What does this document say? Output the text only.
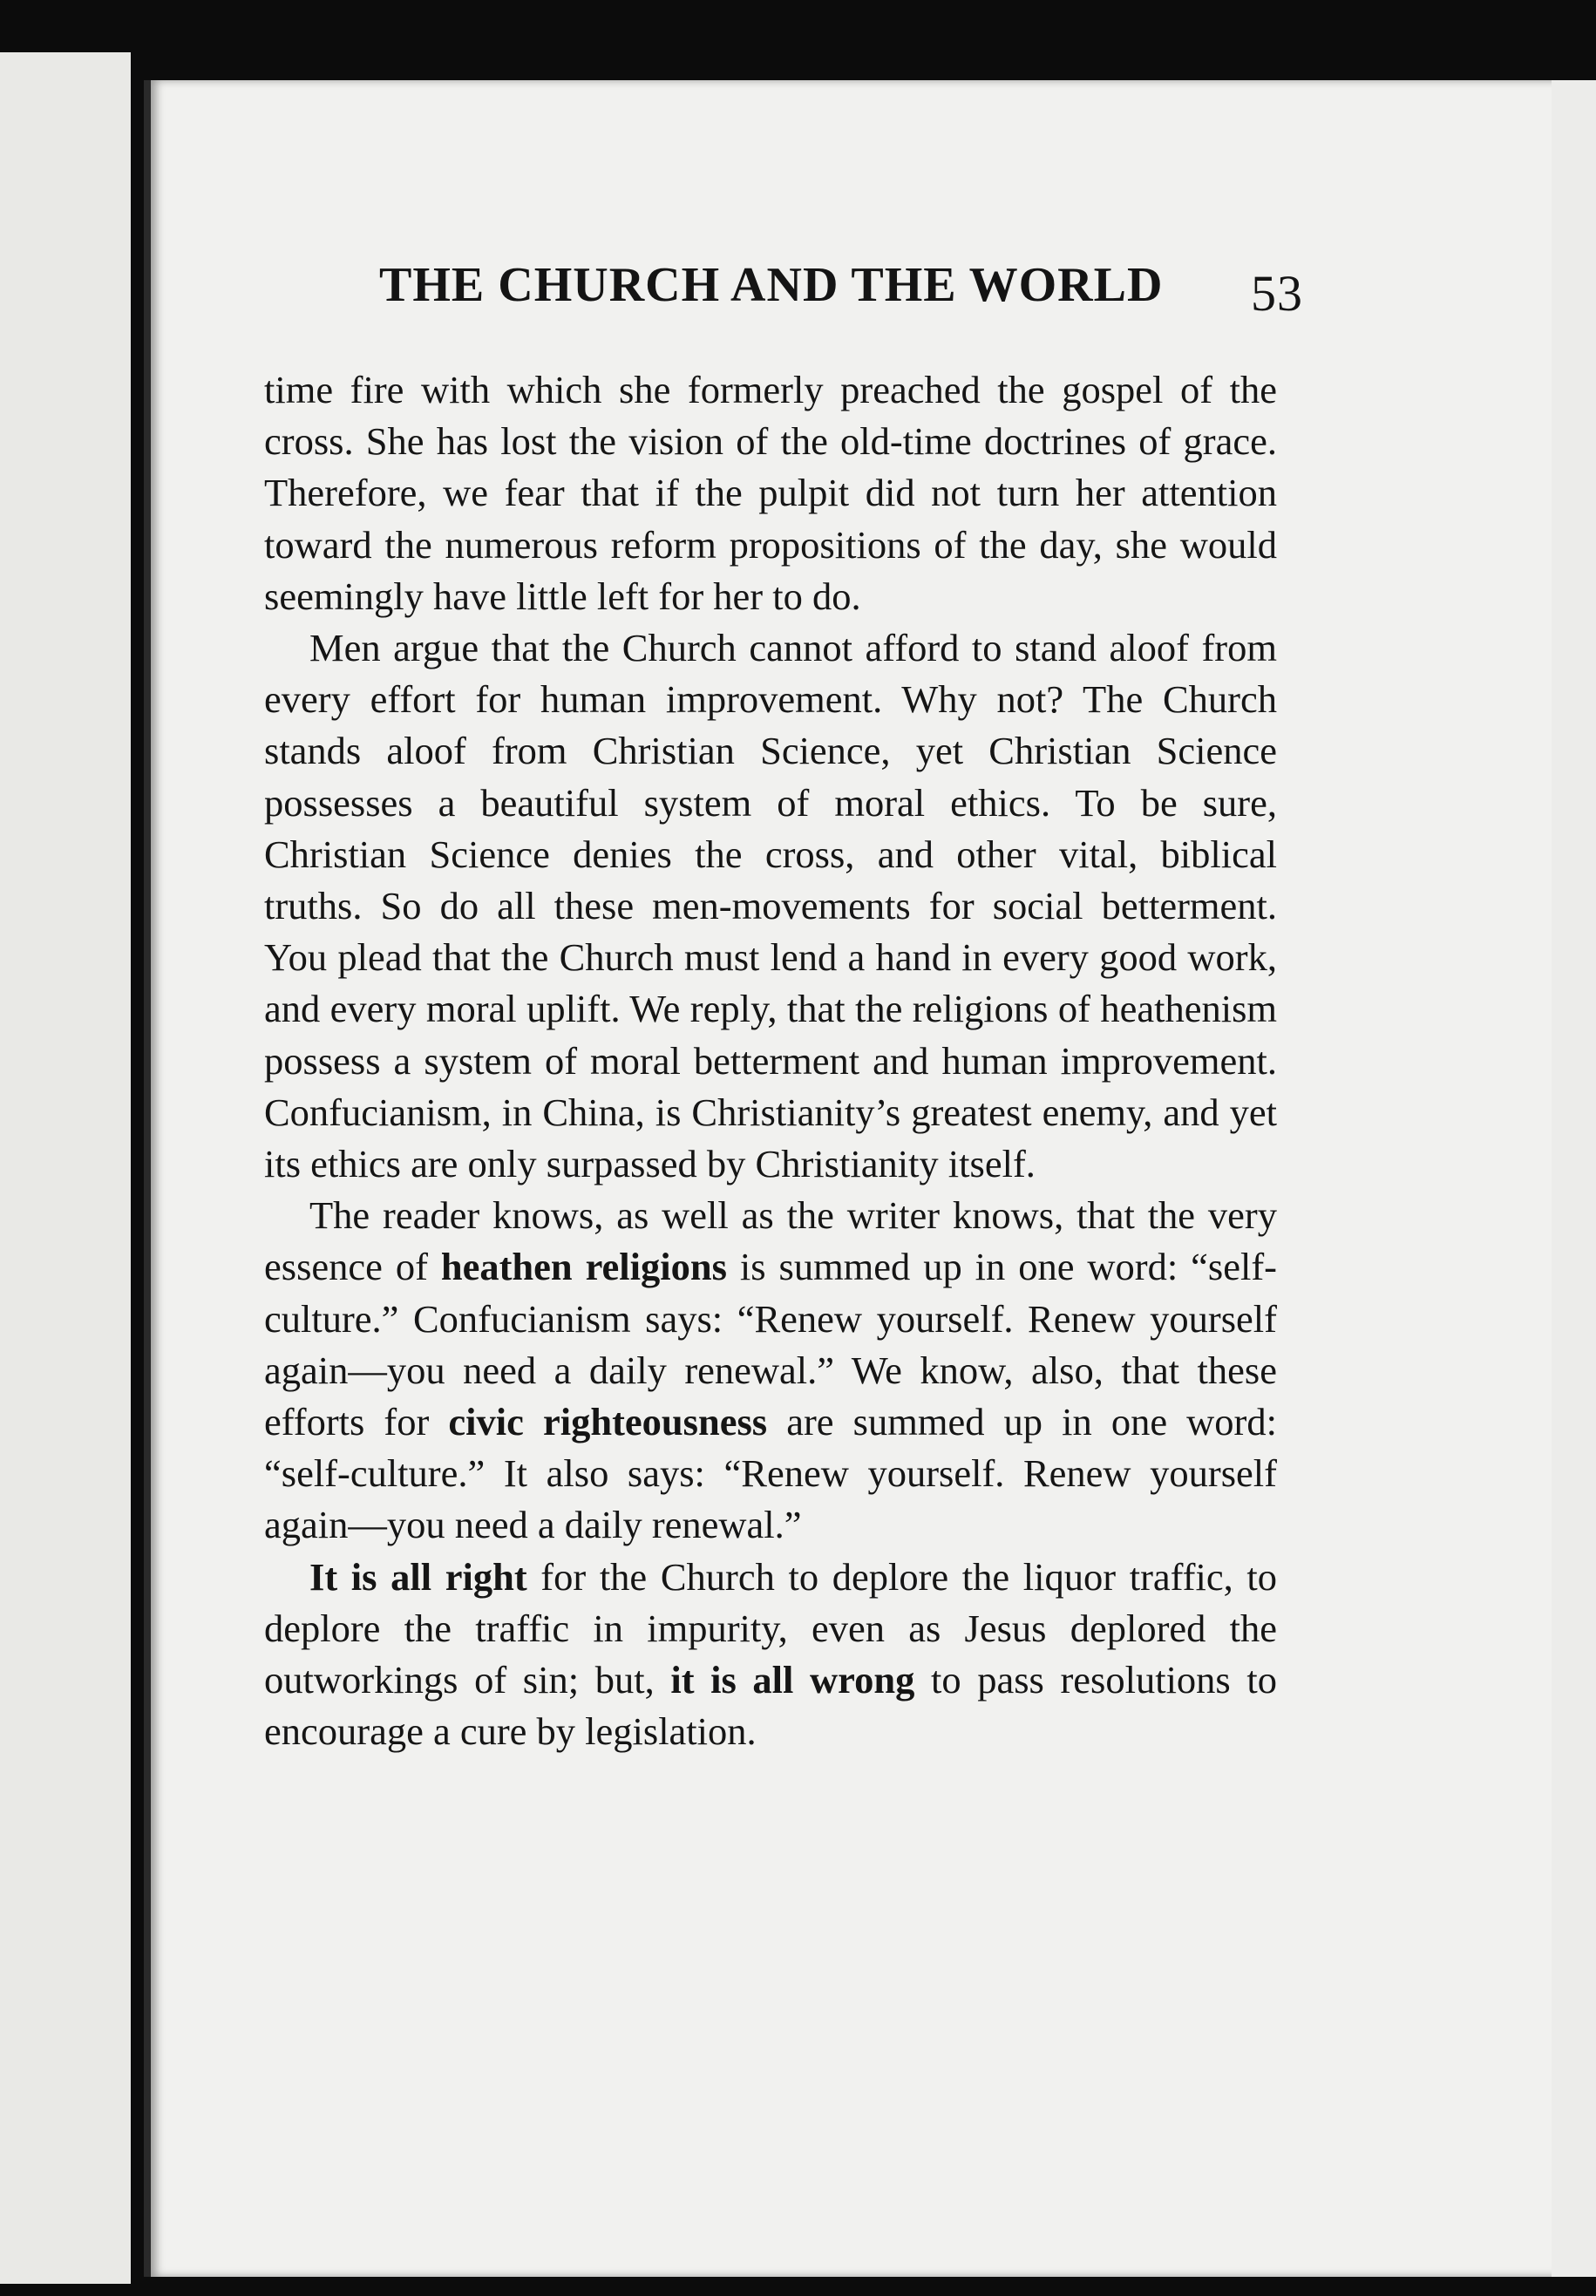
THE CHURCH AND THE WORLD 53

time fire with which she formerly preached the gospel of the cross. She has lost the vision of the old-time doctrines of grace. Therefore, we fear that if the pulpit did not turn her attention toward the numerous reform propositions of the day, she would seemingly have little left for her to do.

Men argue that the Church cannot afford to stand aloof from every effort for human improvement. Why not? The Church stands aloof from Christian Science, yet Christian Science possesses a beautiful system of moral ethics. To be sure, Christian Science denies the cross, and other vital, biblical truths. So do all these men-movements for social betterment. You plead that the Church must lend a hand in every good work, and every moral uplift. We reply, that the religions of heathenism possess a system of moral betterment and human improvement. Confucianism, in China, is Christianity’s greatest enemy, and yet its ethics are only surpassed by Christianity itself.

The reader knows, as well as the writer knows, that the very essence of heathen religions is summed up in one word: “self-culture.” Confucianism says: “Renew yourself. Renew yourself again—you need a daily renewal.” We know, also, that these efforts for civic righteousness are summed up in one word: “self-culture.” It also says: “Renew yourself. Renew yourself again—you need a daily renewal.”

It is all right for the Church to deplore the liquor traffic, to deplore the traffic in impurity, even as Jesus deplored the outworkings of sin; but, it is all wrong to pass resolutions to encourage a cure by legislation.
